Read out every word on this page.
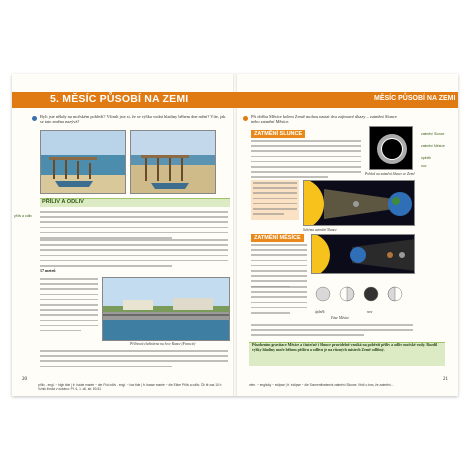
Byli jste někdy na mořském pobřeží? Všimli jste si, že se výška vodní hladiny během dne mění? Víte, jak se tato změna nazývá?
PŘÍLIV A ODLIV
příliv a odliv
17 metrů
Přílivová elektrárna na řece Rance (Francie)
20
příliv - engl. ~ high tide | fr. haute marée ~ der Flut odliv - engl. ~ low tide | fr. basse marée ~ die Ebbe Příliv a odliv: Čtí tě zas 10 h Vznik života v oceánu: Př. 6, 1. díl, str. 50-51
Při oběhu Měsíce kolem Země mohou nastat dva zajímavé úkazy – zatmění Slunce nebo zatmění Měsíce.
ZATMĚNÍ SLUNCE
Pohled na zatmění Slunce ze Země
zatmění Slunce
zatmění Měsíce
úplněk
nov
Schéma zatmění Slunce
ZATMĚNÍ MĚSÍCE
úplněk	nov
Fáze Měsíce
Působením gravitace Měsíce a částečně i Slunce pravidelně vzniká na pobřeží příliv a odliv mořské vody. Rozdíl výšky hladiny moře během přílivu a odlivu je na různých místech Země odlišný.
21
něm. ~ englicky ~ eclipse | fr. éclipse ~ die Sonnenfinsternis zatmění Slunce: Vědí o tom, že zatmění...
5. MĚSÍC PŮSOBÍ NA ZEMI	MĚSÍC PŮSOBÍ NA ZEMI
